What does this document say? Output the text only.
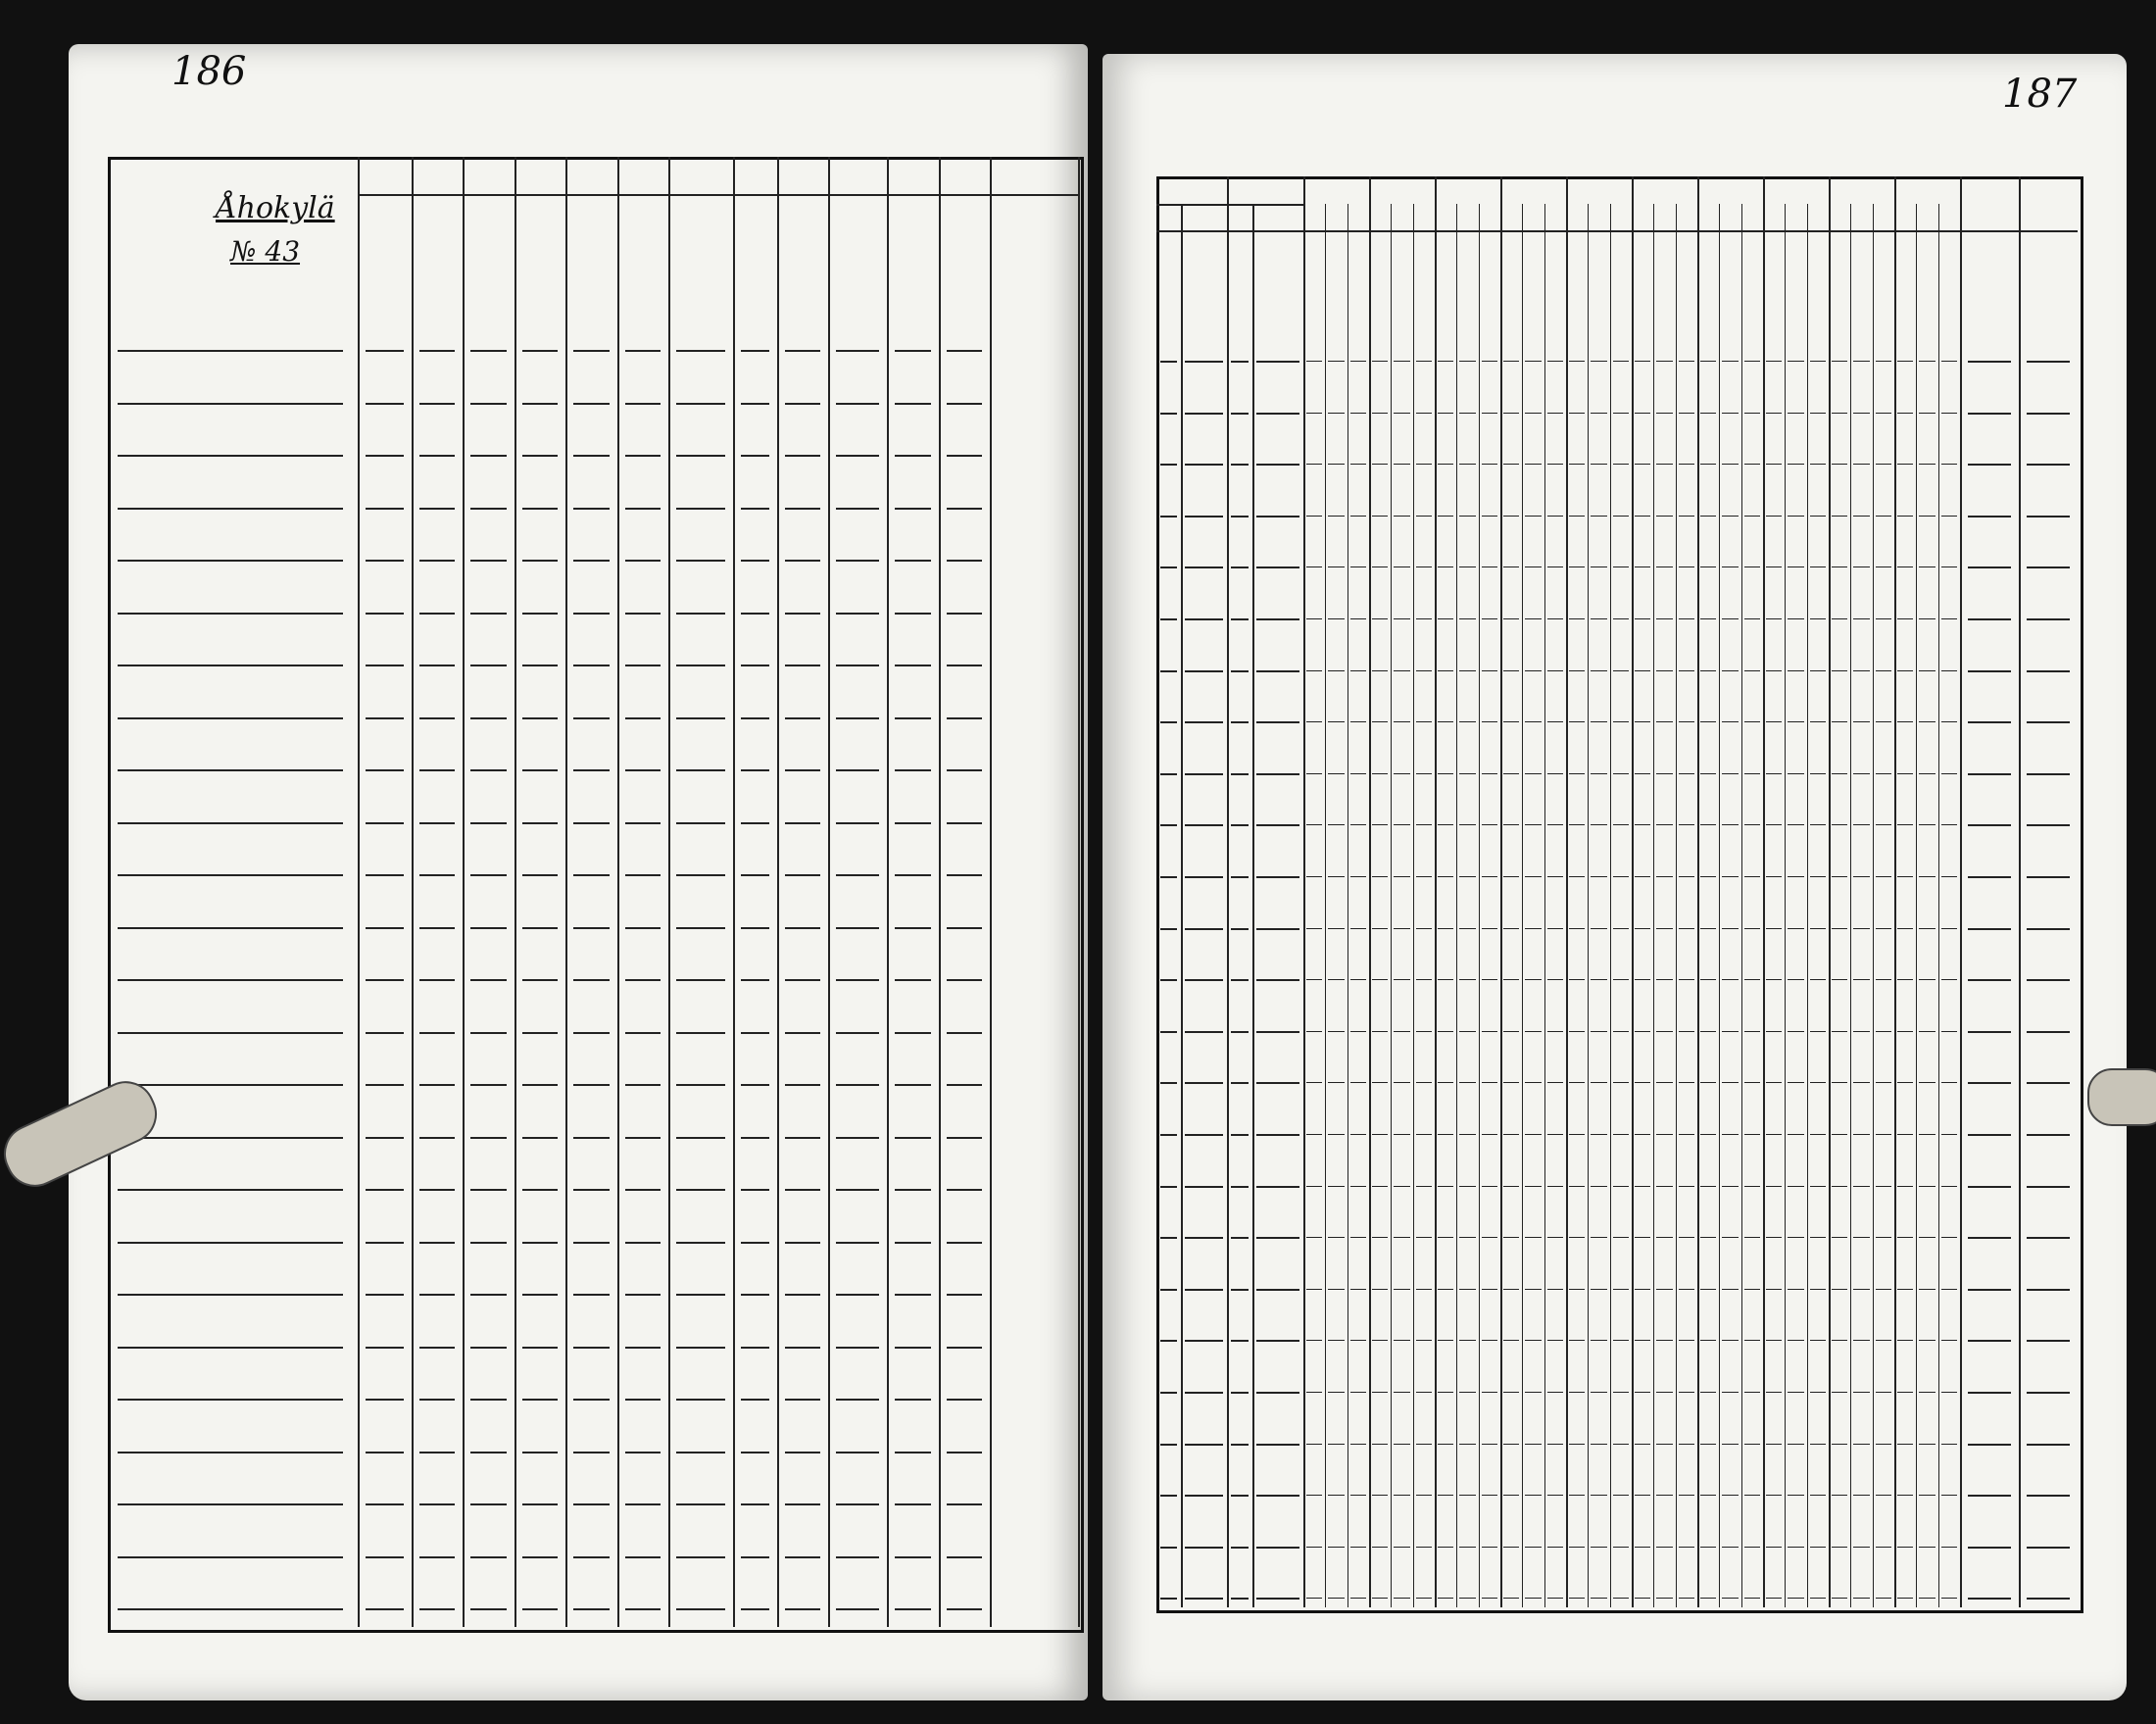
186
Åhokylä
№ 43
187
